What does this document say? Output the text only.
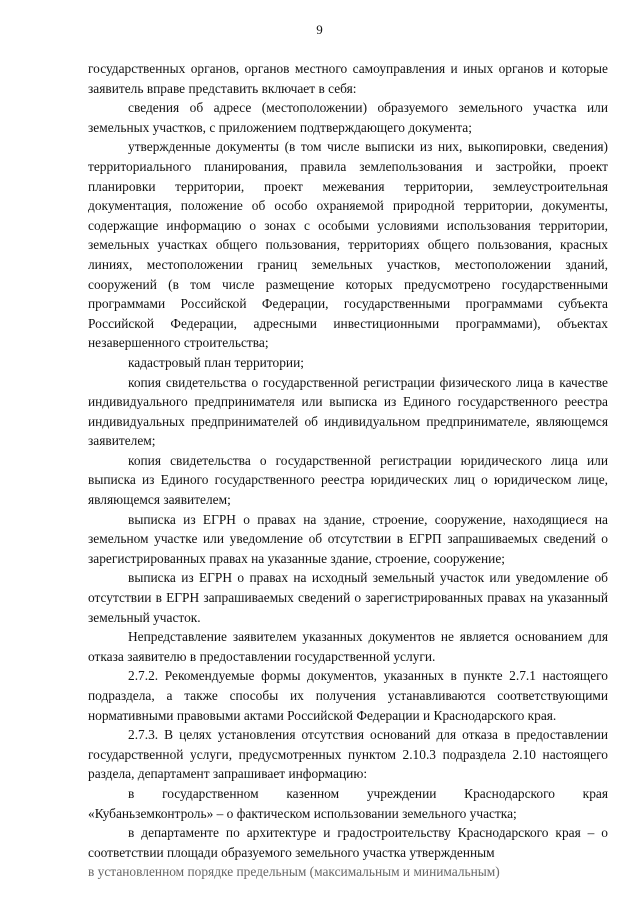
9

государственных органов, органов местного самоуправления и иных органов и которые заявитель вправе представить включает в себя:

сведения об адресе (местоположении) образуемого земельного участка или земельных участков, с приложением подтверждающего документа;

утвержденные документы (в том числе выписки из них, выкопировки, сведения) территориального планирования, правила землепользования и застройки, проект планировки территории, проект межевания территории, землеустроительная документация, положение об особо охраняемой природной территории, документы, содержащие информацию о зонах с особыми условиями использования территории, земельных участках общего пользования, территориях общего пользования, красных линиях, местоположении границ земельных участков, местоположении зданий, сооружений (в том числе размещение которых предусмотрено государственными программами Российской Федерации, государственными программами субъекта Российской Федерации, адресными инвестиционными программами), объектах незавершенного строительства;

кадастровый план территории;

копия свидетельства о государственной регистрации физического лица в качестве индивидуального предпринимателя или выписка из Единого государственного реестра индивидуальных предпринимателей об индивидуальном предпринимателе, являющемся заявителем;

копия свидетельства о государственной регистрации юридического лица или выписка из Единого государственного реестра юридических лиц о юридическом лице, являющемся заявителем;

выписка из ЕГРН о правах на здание, строение, сооружение, находящиеся на земельном участке или уведомление об отсутствии в ЕГРП запрашиваемых сведений о зарегистрированных правах на указанные здание, строение, сооружение;

выписка из ЕГРН о правах на исходный земельный участок или уведомление об отсутствии в ЕГРН запрашиваемых сведений о зарегистрированных правах на указанный земельный участок.

Непредставление заявителем указанных документов не является основанием для отказа заявителю в предоставлении государственной услуги.

2.7.2. Рекомендуемые формы документов, указанных в пункте 2.7.1 настоящего подраздела, а также способы их получения устанавливаются соответствующими нормативными правовыми актами Российской Федерации и Краснодарского края.

2.7.3. В целях установления отсутствия оснований для отказа в предоставлении государственной услуги, предусмотренных пунктом 2.10.3 подраздела 2.10 настоящего раздела, департамент запрашивает информацию:

в государственном казенном учреждении Краснодарского края «Кубаньземконтроль» – о фактическом использовании земельного участка;

в департаменте по архитектуре и градостроительству Краснодарского края – о соответствии площади образуемого земельного участка утвержденным

в установленном порядке предельным (максимальным и минимальным)
